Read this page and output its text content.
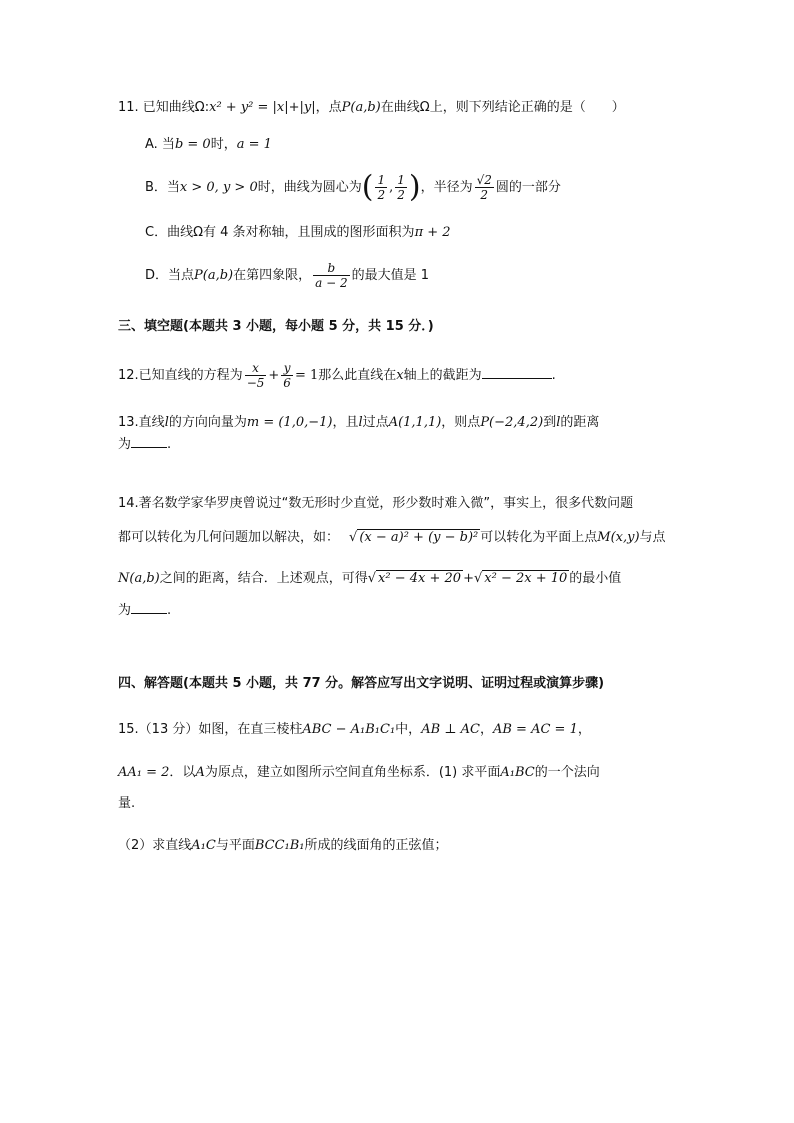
11. 已知曲线Ω:x² + y² = |x|+|y|，点P(a,b)在曲线Ω上，则下列结论正确的是（　　）
A. 当b = 0时，a = 1
B．当x > 0, y > 0时，曲线为圆心为( $\frac{1}{2}$ , $\frac{1}{2}$ )，半径为 $\frac{√2}{2}$ 圆的一部分
C．曲线Ω有 4 条对称轴，且围成的图形面积为π + 2
D．当点P(a,b)在第四象限， $\frac{b}{a - 2}$ 的最大值是 1
三、填空题(本题共 3 小题，每小题 5 分，共 15 分．)
12.已知直线的方程为 $\frac{x}{-5} + \frac{y}{6} = 1$那么此直线在x轴上的截距为	.
13.直线l的方向向量为m = (1,0,−1)，且l过点A(1,1,1)，则点P(−2,4,2)到l的距离
为	.
14.著名数学家华罗庚曾说过“数无形时少直觉，形少数时难入微”，事实上，很多代数问题
都可以转化为几何问题加以解决，如： √ (x − a)² + (y − b)² 可以转化为平面上点M(x,y)与点
N(a,b)之间的距离，结合．上述观点，可得√ x² − 4x + 20 +√ x² − 2x + 10 的最小值
为	.
四、解答题(本题共 5 小题，共 77 分。解答应写出文字说明、证明过程或演算步骤)
15.（13 分）如图，在直三棱柱ABC − A₁B₁C₁中，AB ⊥ AC，AB = AC = 1，
AA₁ = 2．以A为原点，建立如图所示空间直角坐标系．(1) 求平面A₁BC的一个法向
量.
（2）求直线A₁C与平面BCC₁B₁所成的线面角的正弦值；
